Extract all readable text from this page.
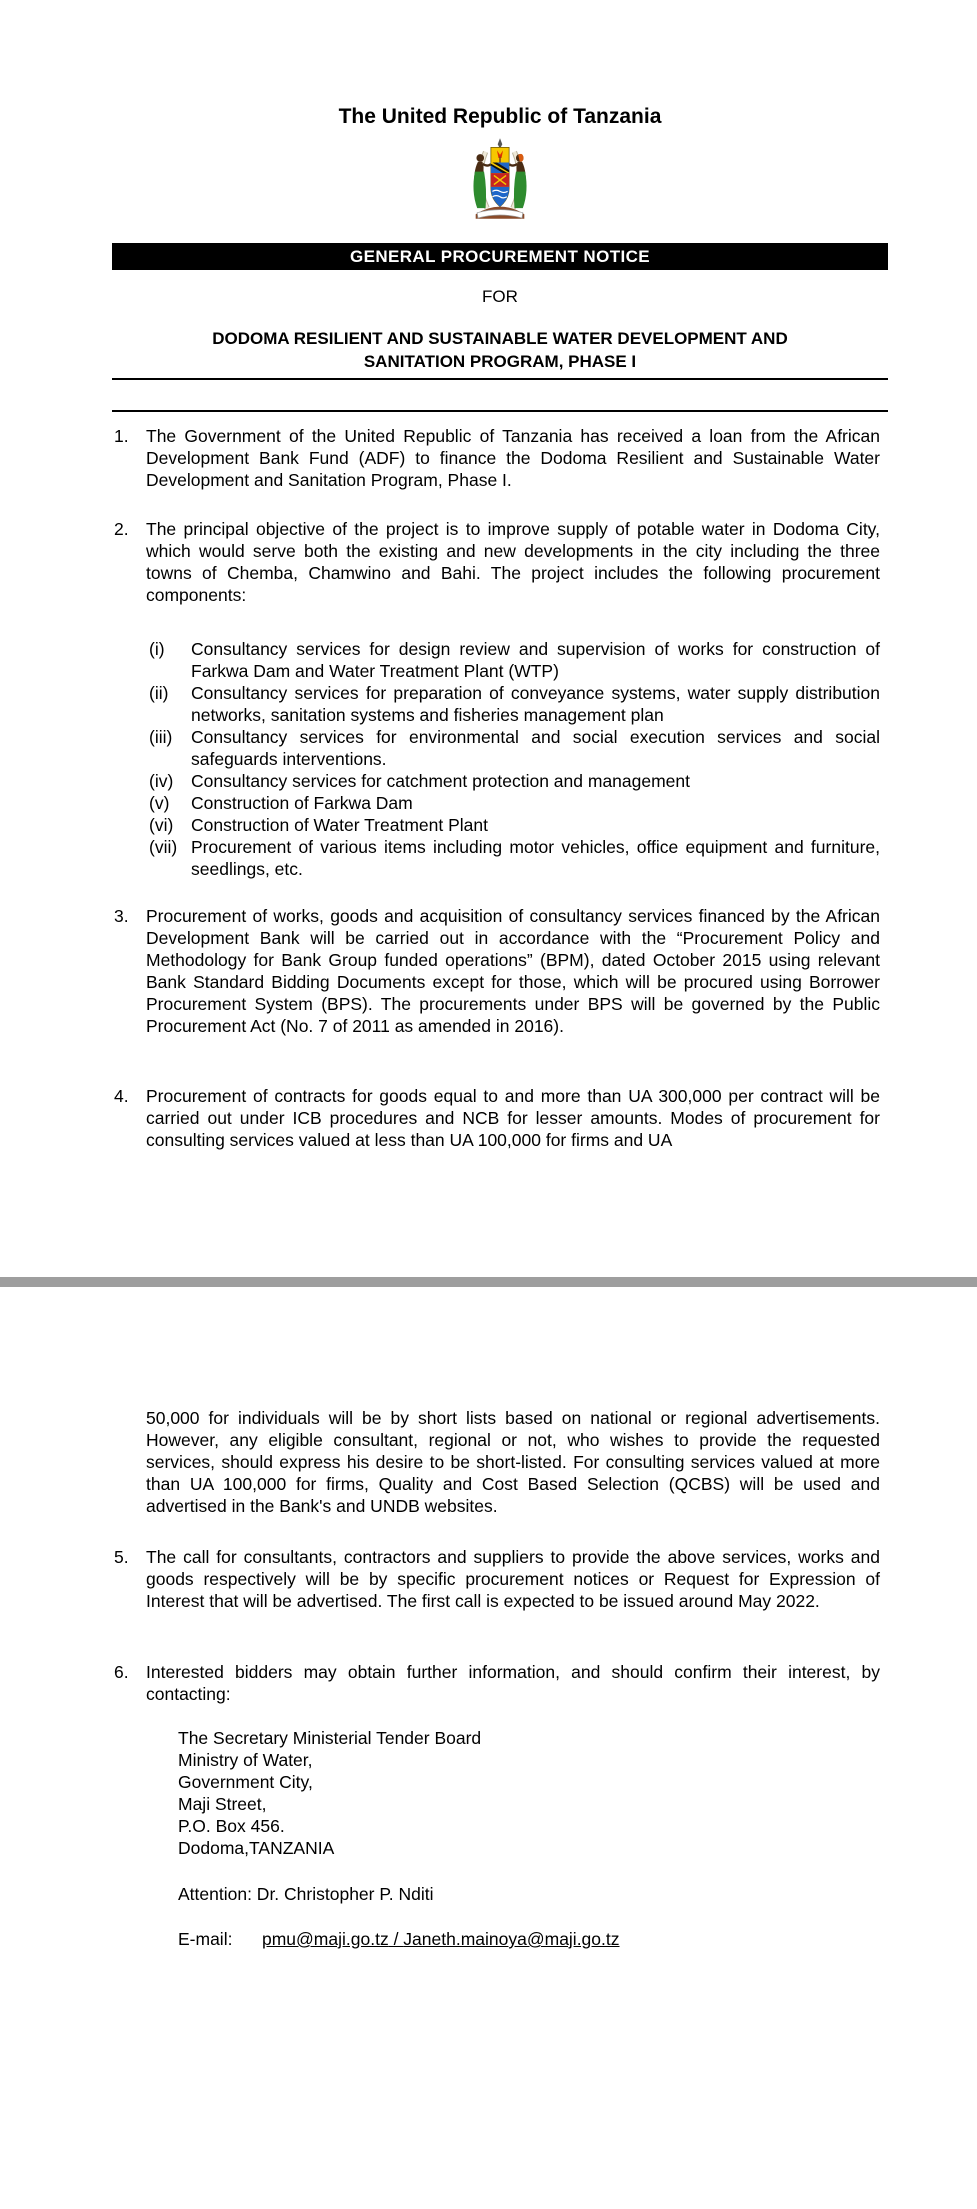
The United Republic of Tanzania
GENERAL PROCUREMENT NOTICE
FOR
DODOMA RESILIENT AND SUSTAINABLE WATER DEVELOPMENT AND
SANITATION PROGRAM, PHASE I
1. The Government of the United Republic of Tanzania has received a loan from the African Development Bank Fund (ADF) to finance the Dodoma Resilient and Sustainable Water Development and Sanitation Program, Phase I.
2. The principal objective of the project is to improve supply of potable water in Dodoma City, which would serve both the existing and new developments in the city including the three towns of Chemba, Chamwino and Bahi. The project includes the following procurement components:
(i)	Consultancy services for design review and supervision of works for construction of Farkwa Dam and Water Treatment Plant (WTP)
(ii)	Consultancy services for preparation of conveyance systems, water supply distribution networks, sanitation systems and fisheries management plan
(iii)	Consultancy services for environmental and social execution services and social safeguards interventions.
(iv)	Consultancy services for catchment protection and management
(v)	Construction of Farkwa Dam
(vi)	Construction of Water Treatment Plant
(vii) Procurement of various items including motor vehicles, office equipment and furniture, seedlings, etc.
3. Procurement of works, goods and acquisition of consultancy services financed by the African Development Bank will be carried out in accordance with the “Procurement Policy and Methodology for Bank Group funded operations” (BPM), dated October 2015 using relevant Bank Standard Bidding Documents except for those, which will be procured using Borrower Procurement System (BPS). The procurements under BPS will be governed by the Public Procurement Act (No. 7 of 2011 as amended in 2016).
4. Procurement of contracts for goods equal to and more than UA 300,000 per contract will be carried out under ICB procedures and NCB for lesser amounts. Modes of procurement for consulting services valued at less than UA 100,000 for firms and UA
50,000 for individuals will be by short lists based on national or regional advertisements. However, any eligible consultant, regional or not, who wishes to provide the requested services, should express his desire to be short-listed. For consulting services valued at more than UA 100,000 for firms, Quality and Cost Based Selection (QCBS) will be used and advertised in the Bank's and UNDB websites.
5. The call for consultants, contractors and suppliers to provide the above services, works and goods respectively will be by specific procurement notices or Request for Expression of Interest that will be advertised. The first call is expected to be issued around May 2022.
6. Interested bidders may obtain further information, and should confirm their interest, by contacting:
The Secretary Ministerial Tender Board
Ministry of Water,
Government City,
Maji Street,
P.O. Box 456.
Dodoma,TANZANIA
Attention: Dr. Christopher P. Nditi
E-mail: pmu@maji.go.tz / Janeth.mainoya@maji.go.tz
